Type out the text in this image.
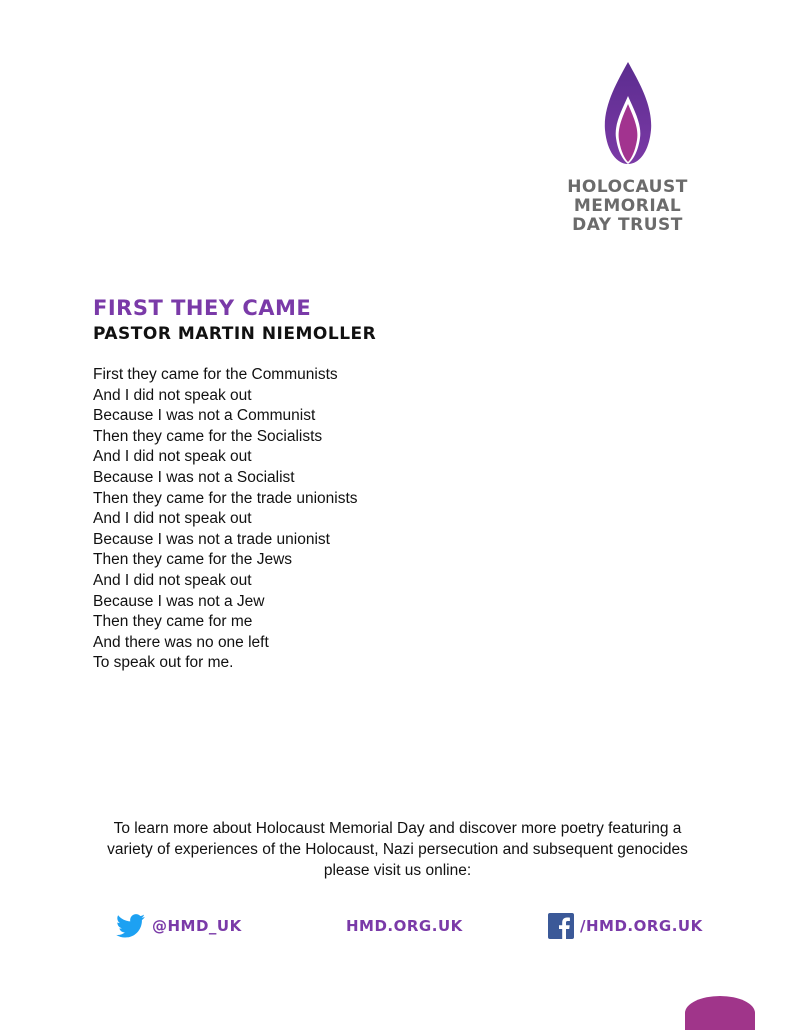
HOLOCAUST
MEMORIAL
DAY TRUST
FIRST THEY CAME
PASTOR MARTIN NIEMOLLER
First they came for the Communists
And I did not speak out
Because I was not a Communist
Then they came for the Socialists
And I did not speak out
Because I was not a Socialist
Then they came for the trade unionists
And I did not speak out
Because I was not a trade unionist
Then they came for the Jews
And I did not speak out
Because I was not a Jew
Then they came for me
And there was no one left
To speak out for me.
To learn more about Holocaust Memorial Day and discover more poetry featuring a
variety of experiences of the Holocaust, Nazi persecution and subsequent genocides
please visit us online:
@HMD_UK	HMD.ORG.UK	/HMD.ORG.UK
